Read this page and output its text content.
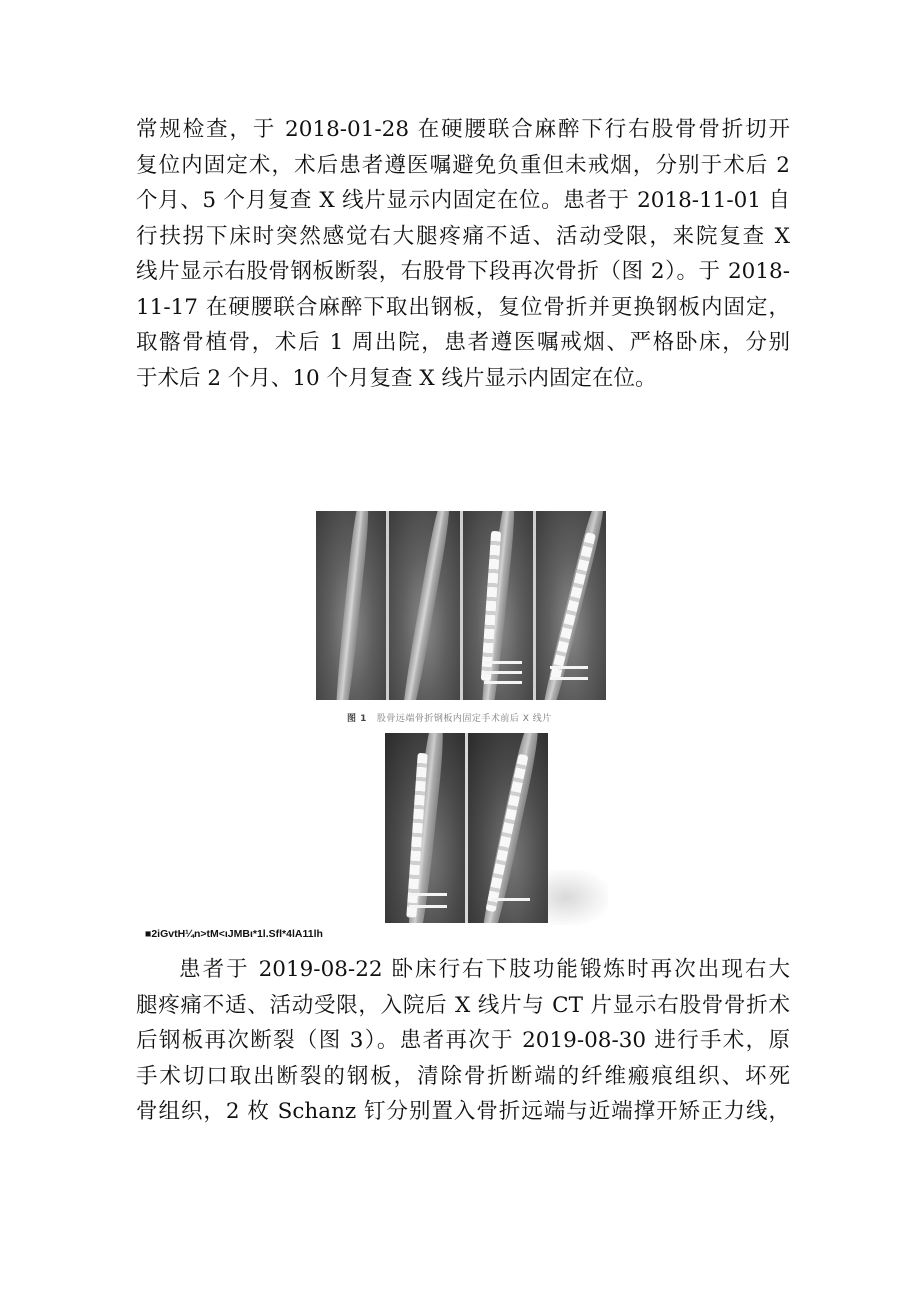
常规检查，于 2018-01-28 在硬腰联合麻醉下行右股骨骨折切开
复位内固定术，术后患者遵医嘱避免负重但未戒烟，分别于术后 2
个月、5 个月复查 X 线片显示内固定在位。患者于 2018-11-01 自
行扶拐下床时突然感觉右大腿疼痛不适、活动受限，来院复查 X
线片显示右股骨钢板断裂，右股骨下段再次骨折（图 2）。于 2018-
11-17 在硬腰联合麻醉下取出钢板，复位骨折并更换钢板内固定，
取髂骨植骨，术后 1 周出院，患者遵医嘱戒烟、严格卧床，分别
于术后 2 个月、10 个月复查 X 线片显示内固定在位。
图 1 股骨远端骨折钢板内固定手术前后 X 线片
■2iGvtH¼n>tM<ιJMBι*1l.Sfl*4lA11lh
患者于 2019-08-22 卧床行右下肢功能锻炼时再次出现右大
腿疼痛不适、活动受限，入院后 X 线片与 CT 片显示右股骨骨折术
后钢板再次断裂（图 3）。患者再次于 2019-08-30 进行手术，原
手术切口取出断裂的钢板，清除骨折断端的纤维瘢痕组织、坏死
骨组织，2 枚 Schanz 钉分别置入骨折远端与近端撑开矫正力线，
